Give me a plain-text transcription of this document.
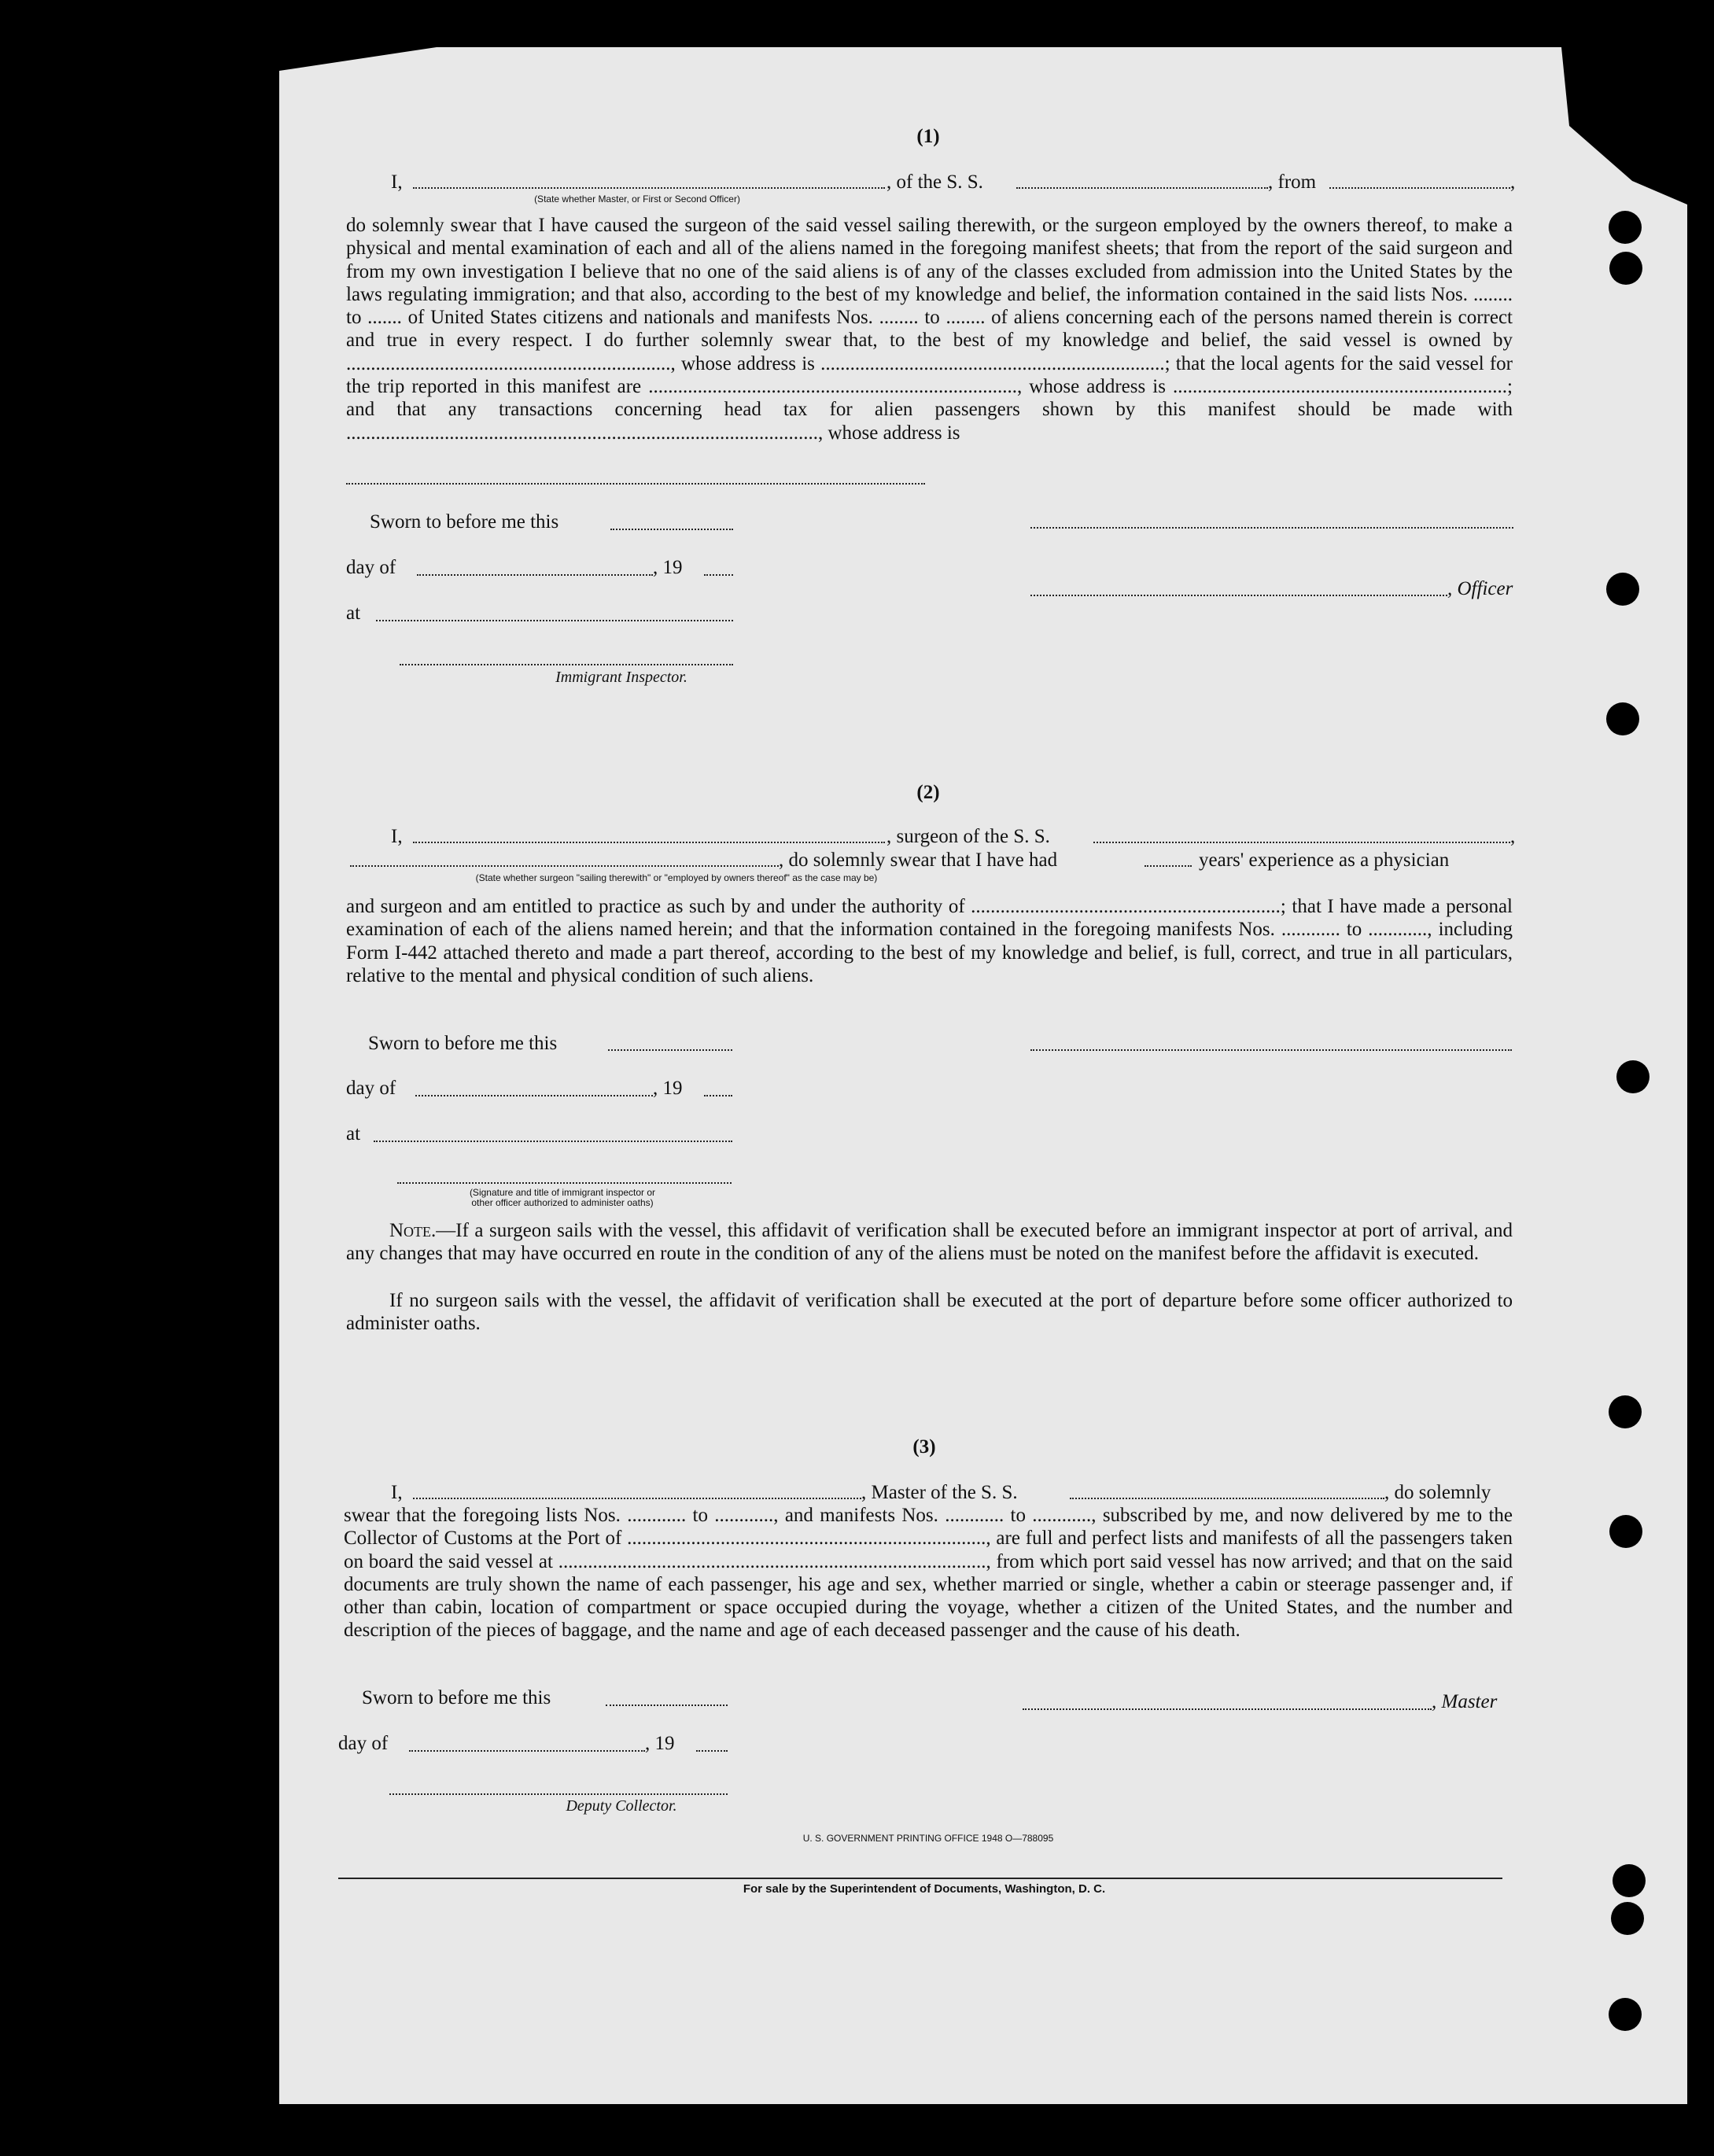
(1)
I,	, of the S. S.	, from	,
(State whether Master, or First or Second Officer)
do solemnly swear that I have caused the surgeon of the said vessel sailing therewith, or the surgeon employed by the owners thereof, to make a physical and mental examination of each and all of the aliens named in the foregoing manifest sheets; that from the report of the said surgeon and from my own investigation I believe that no one of the said aliens is of any of the classes excluded from admission into the United States by the laws regulating immigration; and that also, according to the best of my knowledge and belief, the information contained in the said lists Nos. ........ to ....... of United States citizens and nationals and manifests Nos. ........ to ........ of aliens concerning each of the persons named therein is correct and true in every respect. I do further solemnly swear that, to the best of my knowledge and belief, the said vessel is owned by .................................................................., whose address is ......................................................................; that the local agents for the said vessel for the trip reported in this manifest are ..........................................................................., whose address is ....................................................................; and that any transactions concerning head tax for alien passengers shown by this manifest should be made with ................................................................................................, whose address is
Sworn to before me this
day of	, 19
, Officer
at
Immigrant Inspector.
(2)
I,	, surgeon of the S. S.	,
, do solemnly swear that I have had	years' experience as a physician
(State whether surgeon "sailing therewith" or "employed by owners thereof" as the case may be)
and surgeon and am entitled to practice as such by and under the authority of ...............................................................; that I have made a personal examination of each of the aliens named herein; and that the information contained in the foregoing manifests Nos. ............ to ............, including Form I-442 attached thereto and made a part thereof, according to the best of my knowledge and belief, is full, correct, and true in all particulars, relative to the mental and physical condition of such aliens.
Sworn to before me this
day of	, 19
at
(Signature and title of immigrant inspector or
other officer authorized to administer oaths)
Note.—If a surgeon sails with the vessel, this affidavit of verification shall be executed before an immigrant inspector at port of arrival, and any changes that may have occurred en route in the condition of any of the aliens must be noted on the manifest before the affidavit is executed.
If no surgeon sails with the vessel, the affidavit of verification shall be executed at the port of departure before some officer authorized to administer oaths.
(3)
I,	, Master of the S. S.	, do solemnly
swear that the foregoing lists Nos. ............ to ............, and manifests Nos. ............ to ............, subscribed by me, and now delivered by me to the Collector of Customs at the Port of ........................................................................., are full and perfect lists and manifests of all the passengers taken on board the said vessel at ......................................................................................., from which port said vessel has now arrived; and that on the said documents are truly shown the name of each passenger, his age and sex, whether married or single, whether a cabin or steerage passenger and, if other than cabin, location of compartment or space occupied during the voyage, whether a citizen of the United States, and the number and description of the pieces of baggage, and the name and age of each deceased passenger and the cause of his death.
Sworn to before me this	, Master
day of	, 19
Deputy Collector.
U. S. GOVERNMENT PRINTING OFFICE 1948 O—788095
For sale by the Superintendent of Documents, Washington, D. C.
